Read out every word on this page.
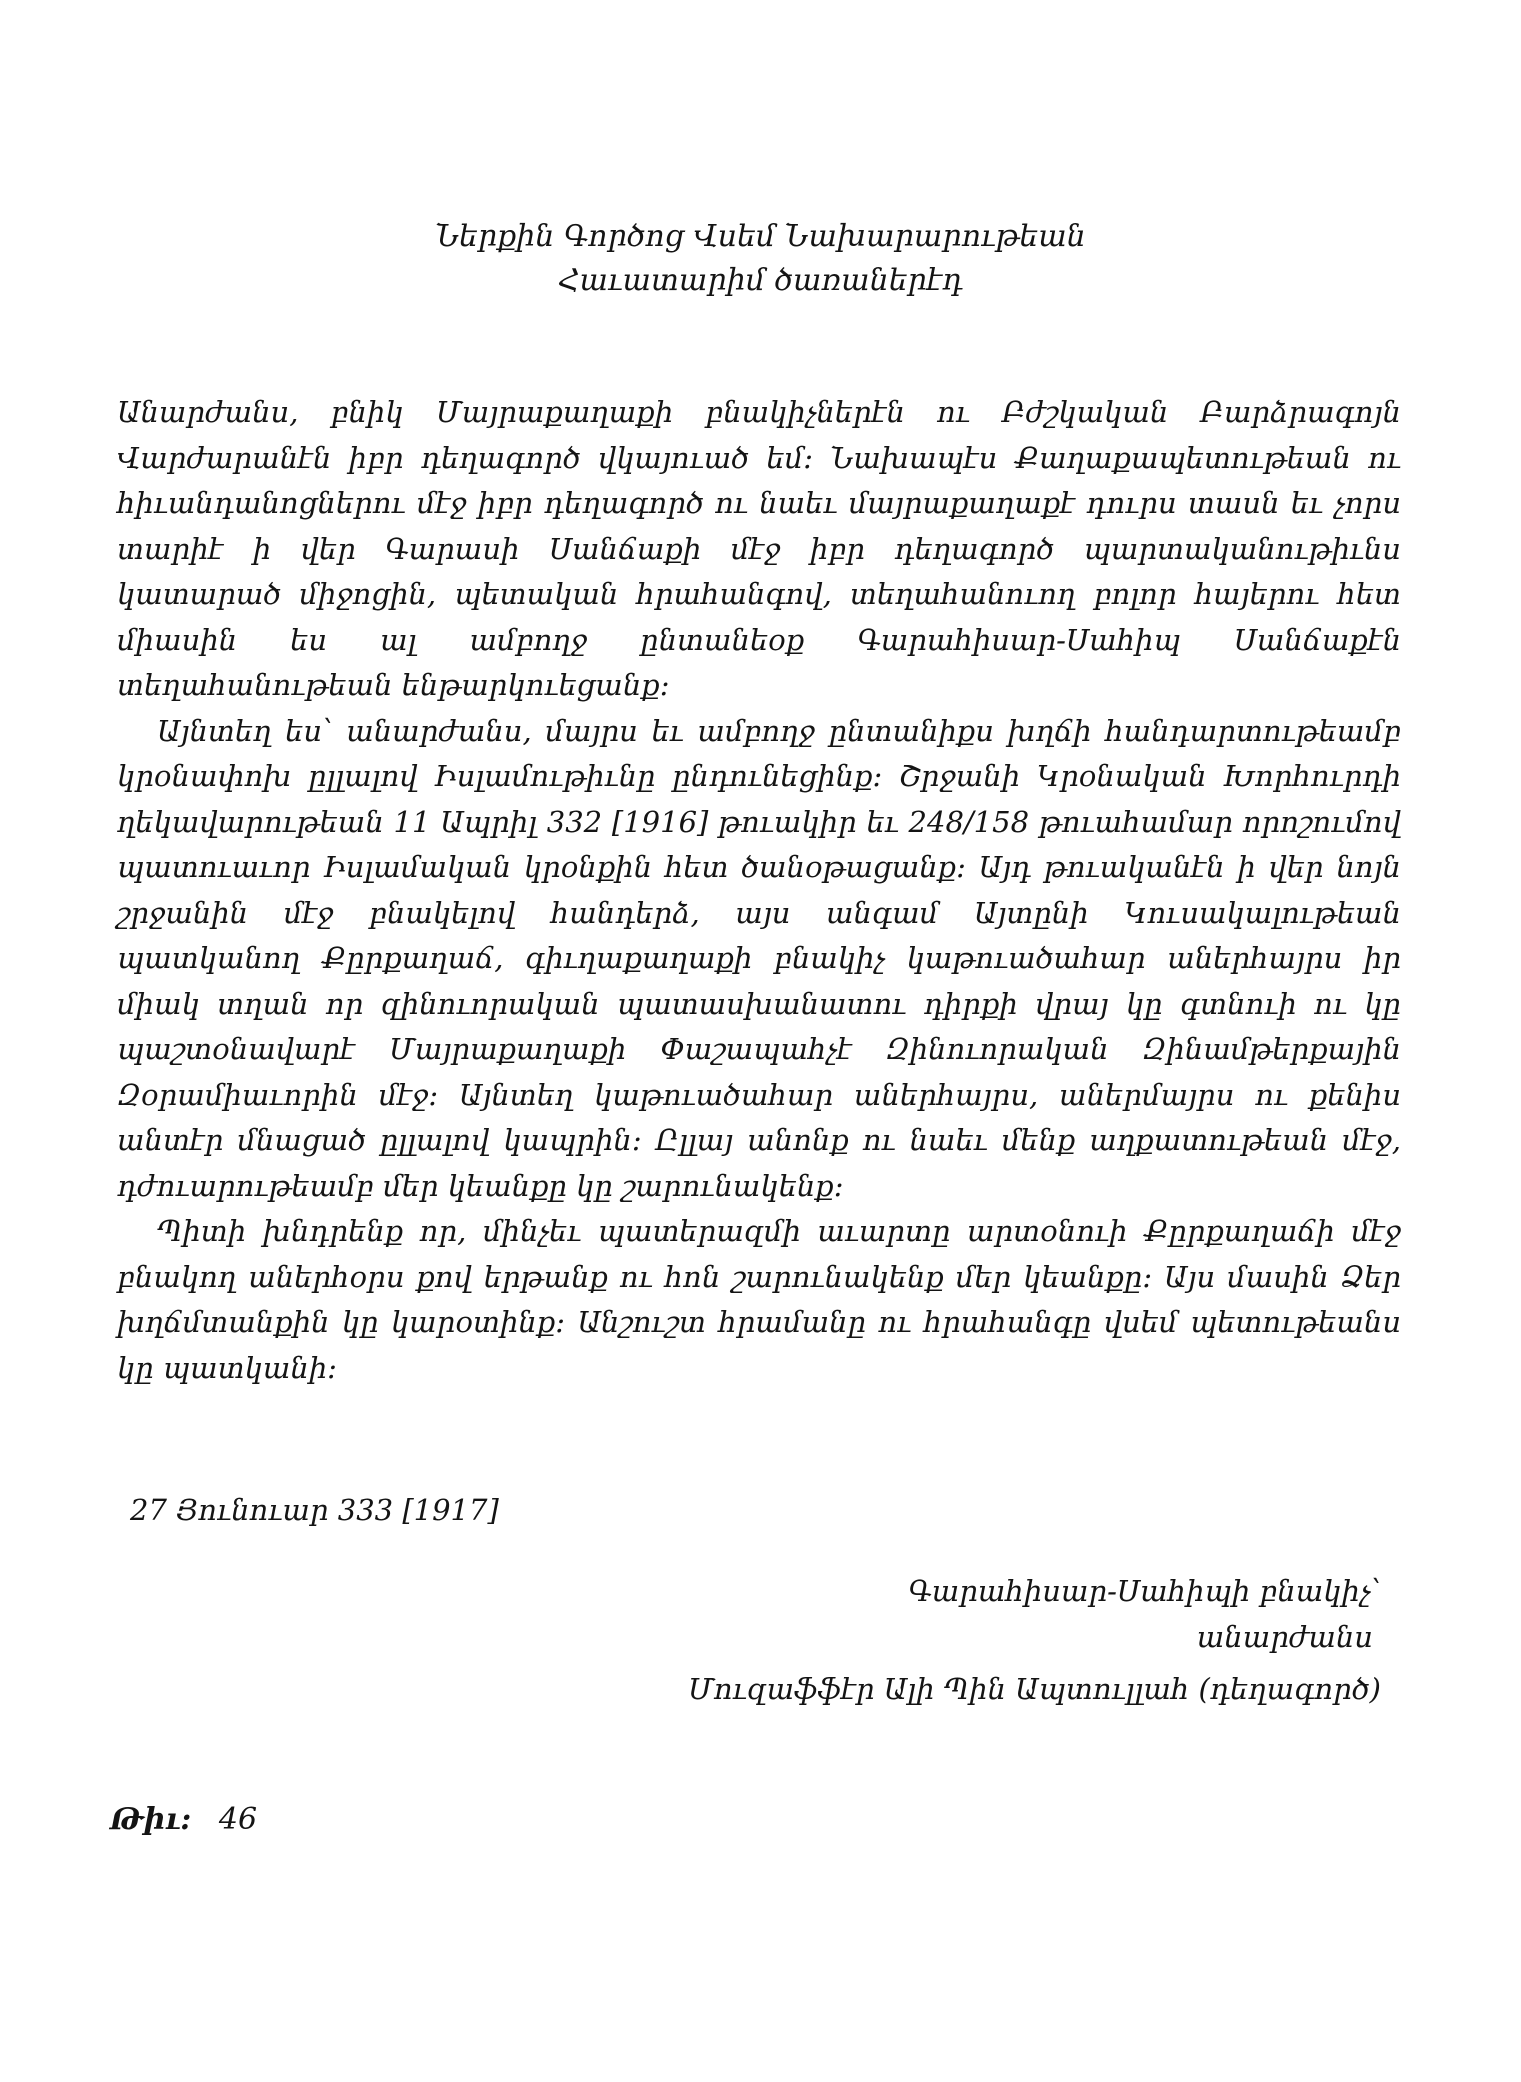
Ներքին Գործոց Վսեմ Նախարարութեան
Հաւատարիմ ծառաներէդ

Անարժանս, բնիկ Մայրաքաղաքի բնակիչներէն ու Բժշկական Բարձրագոյն Վարժարանէն իբր դեղագործ վկայուած եմ: Նախապէս Քաղաքապետութեան ու հիւանդանոցներու մէջ իբր դեղագործ ու նաեւ մայրաքաղաքէ դուրս տասն եւ չորս տարիէ ի վեր Գարասի Սանճաքի մէջ իբր դեղագործ պարտականութիւնս կատարած միջոցին, պետական հրահանգով, տեղահանուող բոլոր հայերու հետ միասին ես ալ ամբողջ ընտանեօք Գարահիսար-Սահիպ Սանճաքէն տեղահանութեան ենթարկուեցանք:

Այնտեղ ես՝ անարժանս, մայրս եւ ամբողջ ընտանիքս խղճի հանդարտութեամբ կրօնափոխ ըլլալով Իսլամութիւնը ընդունեցինք: Շրջանի Կրօնական Խորհուրդի ղեկավարութեան 11 Ապրիլ 332 [1916] թուակիր եւ 248/158 թուահամար որոշումով պատուաւոր Իսլամական կրօնքին հետ ծանօթացանք: Այդ թուականէն ի վեր նոյն շրջանին մէջ բնակելով հանդերձ, այս անգամ Այտընի Կուսակալութեան պատկանող Քըրքաղաճ, գիւղաքաղաքի բնակիչ կաթուածահար աներհայրս իր միակ տղան որ զինուորական պատասխանատու դիրքի վրայ կը գտնուի ու կը պաշտօնավարէ Մայրաքաղաքի Փաշապահչէ Զինուորական Զինամթերքային Զօրամիաւորին մէջ: Այնտեղ կաթուածահար աներհայրս, աներմայրս ու քենիս անտէր մնացած ըլլալով կապրին: Ըլլայ անոնք ու նաեւ մենք աղքատութեան մէջ, դժուարութեամբ մեր կեանքը կը շարունակենք:

Պիտի խնդրենք որ, մինչեւ պատերազմի աւարտը արտօնուի Քըրքաղաճի մէջ բնակող աներհօրս քով երթանք ու հոն շարունակենք մեր կեանքը: Այս մասին Ձեր խղճմտանքին կը կարօտինք: Անշուշտ հրամանը ու հրահանգը վսեմ պետութեանս կը պատկանի:

27 Յունուար 333 [1917]
Գարահիսար-Սահիպի բնակիչ՝
անարժանս
Մուզաֆֆէր Ալի Պին Ապտուլլահ (դեղագործ)
Թիւ: 46
